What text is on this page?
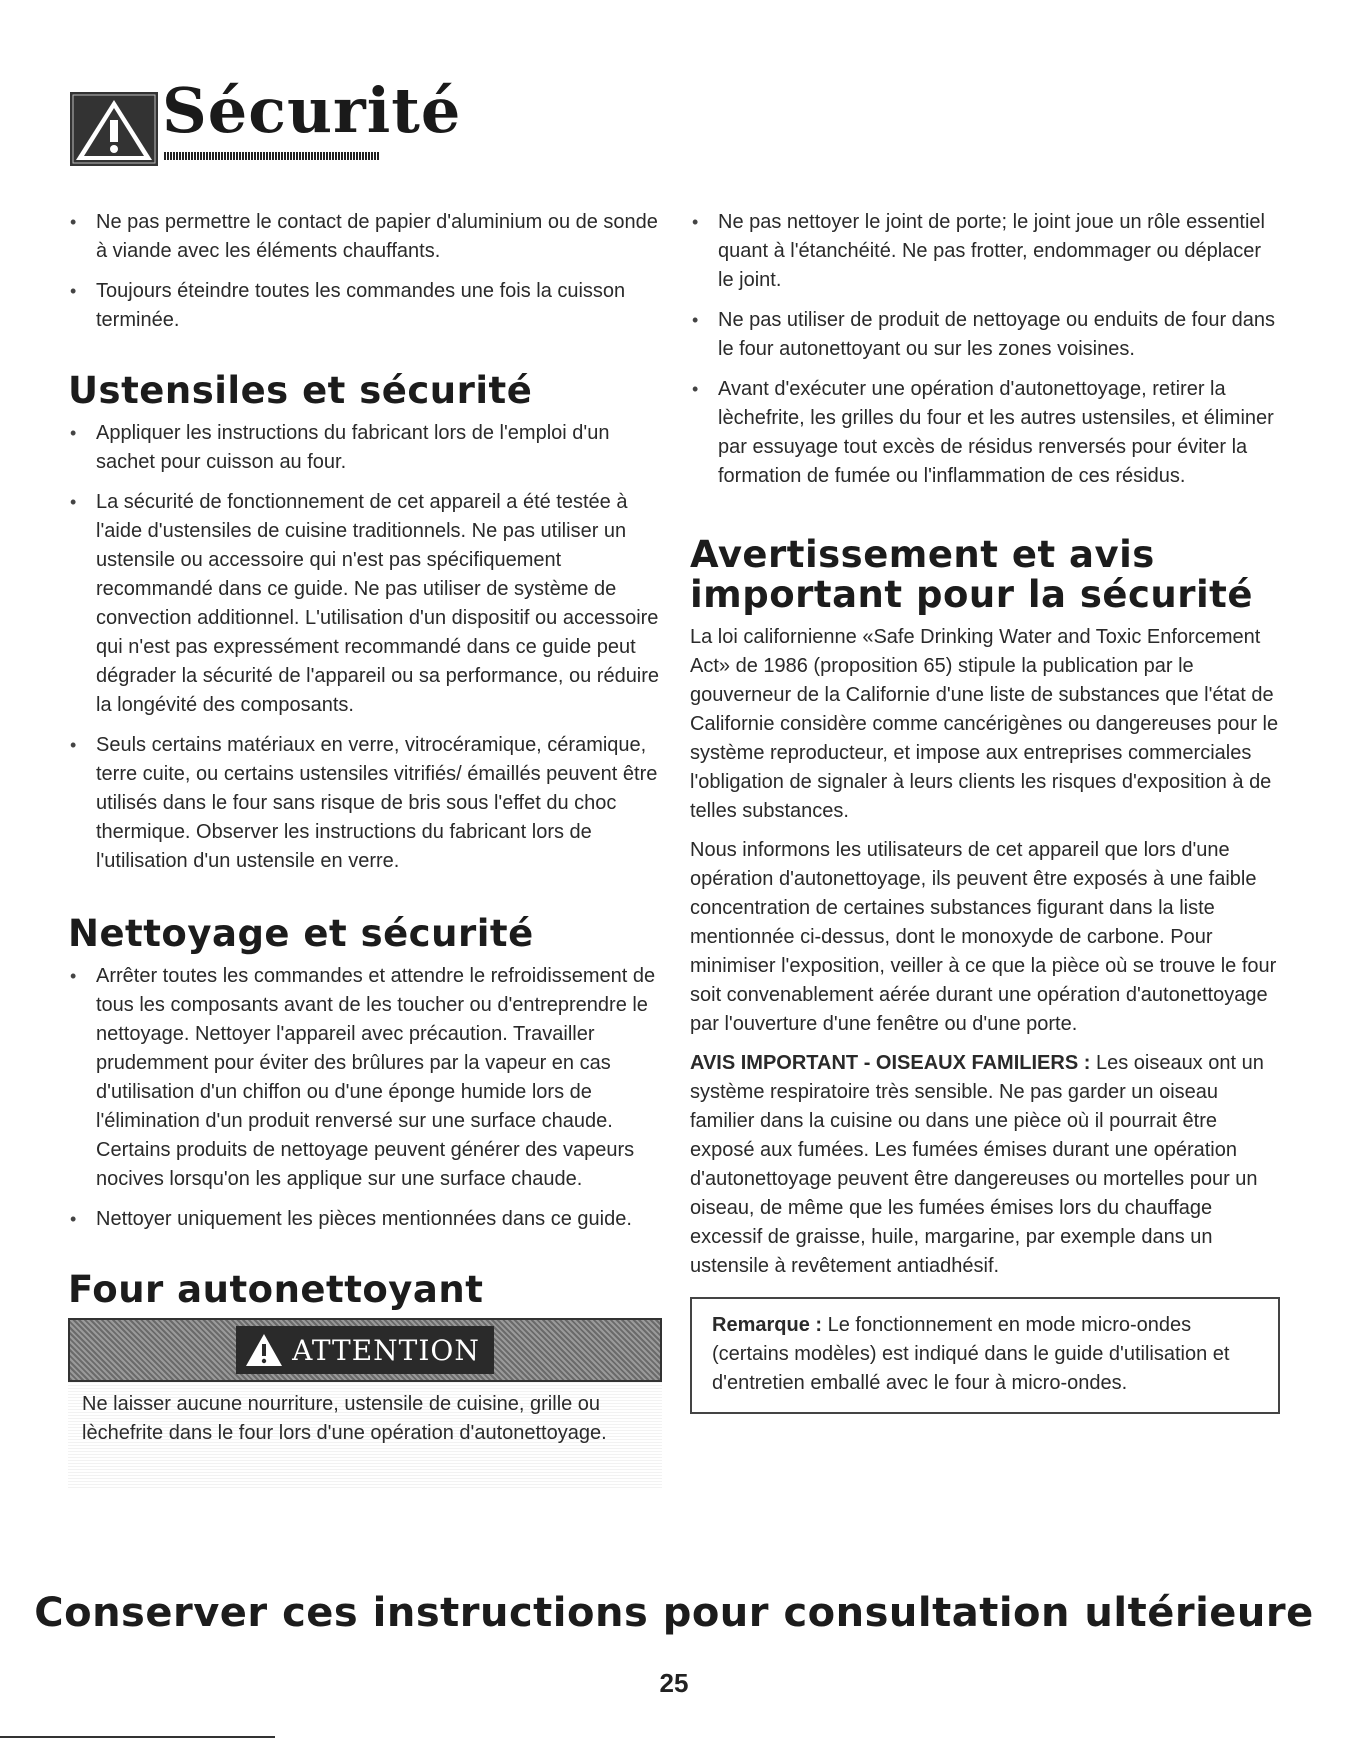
Sécurité
• Ne pas permettre le contact de papier d'aluminium ou de sonde à viande avec les éléments chauffants.
• Toujours éteindre toutes les commandes une fois la cuisson terminée.
Ustensiles et sécurité
• Appliquer les instructions du fabricant lors de l'emploi d'un sachet pour cuisson au four.
• La sécurité de fonctionnement de cet appareil a été testée à l'aide d'ustensiles de cuisine traditionnels. Ne pas utiliser un ustensile ou accessoire qui n'est pas spécifiquement recommandé dans ce guide. Ne pas utiliser de système de convection additionnel. L'utilisation d'un dispositif ou accessoire qui n'est pas expressément recommandé dans ce guide peut dégrader la sécurité de l'appareil ou sa performance, ou réduire la longévité des composants.
• Seuls certains matériaux en verre, vitrocéramique, céramique, terre cuite, ou certains ustensiles vitrifiés/ émaillés peuvent être utilisés dans le four sans risque de bris sous l'effet du choc thermique. Observer les instructions du fabricant lors de l'utilisation d'un ustensile en verre.
Nettoyage et sécurité
• Arrêter toutes les commandes et attendre le refroidissement de tous les composants avant de les toucher ou d'entreprendre le nettoyage. Nettoyer l'appareil avec précaution. Travailler prudemment pour éviter des brûlures par la vapeur en cas d'utilisation d'un chiffon ou d'une éponge humide lors de l'élimination d'un produit renversé sur une surface chaude. Certains produits de nettoyage peuvent générer des vapeurs nocives lorsqu'on les applique sur une surface chaude.
• Nettoyer uniquement les pièces mentionnées dans ce guide.
Four autonettoyant
ATTENTION
Ne laisser aucune nourriture, ustensile de cuisine, grille ou lèchefrite dans le four lors d'une opération d'autonettoyage.
• Ne pas nettoyer le joint de porte; le joint joue un rôle essentiel quant à l'étanchéité. Ne pas frotter, endommager ou déplacer le joint.
• Ne pas utiliser de produit de nettoyage ou enduits de four dans le four autonettoyant ou sur les zones voisines.
• Avant d'exécuter une opération d'autonettoyage, retirer la lèchefrite, les grilles du four et les autres ustensiles, et éliminer par essuyage tout excès de résidus renversés pour éviter la formation de fumée ou l'inflammation de ces résidus.
Avertissement et avis important pour la sécurité

La loi californienne «Safe Drinking Water and Toxic Enforcement Act» de 1986 (proposition 65) stipule la publication par le gouverneur de la Californie d'une liste de substances que l'état de Californie considère comme cancérigènes ou dangereuses pour le système reproducteur, et impose aux entreprises commerciales l'obligation de signaler à leurs clients les risques d'exposition à de telles substances.

Nous informons les utilisateurs de cet appareil que lors d'une opération d'autonettoyage, ils peuvent être exposés à une faible concentration de certaines substances figurant dans la liste mentionnée ci-dessus, dont le monoxyde de carbone. Pour minimiser l'exposition, veiller à ce que la pièce où se trouve le four soit convenablement aérée durant une opération d'autonettoyage par l'ouverture d'une fenêtre ou d'une porte.

AVIS IMPORTANT - OISEAUX FAMILIERS : Les oiseaux ont un système respiratoire très sensible. Ne pas garder un oiseau familier dans la cuisine ou dans une pièce où il pourrait être exposé aux fumées. Les fumées émises durant une opération d'autonettoyage peuvent être dangereuses ou mortelles pour un oiseau, de même que les fumées émises lors du chauffage excessif de graisse, huile, margarine, par exemple dans un ustensile à revêtement antiadhésif.

Remarque : Le fonctionnement en mode micro-ondes (certains modèles) est indiqué dans le guide d'utilisation et d'entretien emballé avec le four à micro-ondes.
Conserver ces instructions pour consultation ultérieure
25
